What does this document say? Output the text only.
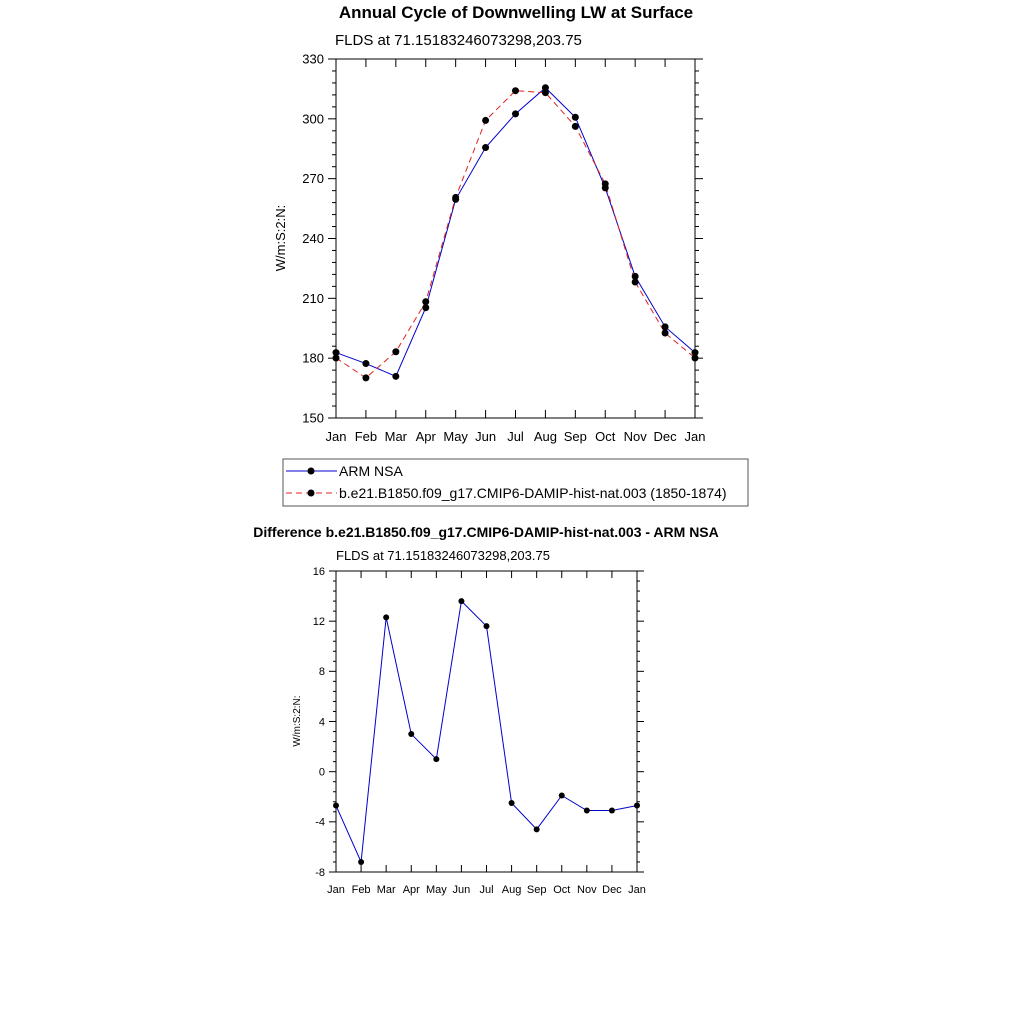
Annual Cycle of Downwelling LW at Surface
FLDS at 71.15183246073298,203.75
W/m:S:2:N:
150
180
210
240
270
300
330
Jan Feb Mar Apr May Jun Jul Aug Sep Oct Nov Dec Jan
ARM NSA
b.e21.B1850.f09_g17.CMIP6-DAMIP-hist-nat.003 (1850-1874)
Difference b.e21.B1850.f09_g17.CMIP6-DAMIP-hist-nat.003 - ARM NSA
FLDS at 71.15183246073298,203.75
W/m:S:2:N:
-8
-4
0
4
8
12
16
Jan Feb Mar Apr May Jun Jul Aug Sep Oct Nov Dec Jan
